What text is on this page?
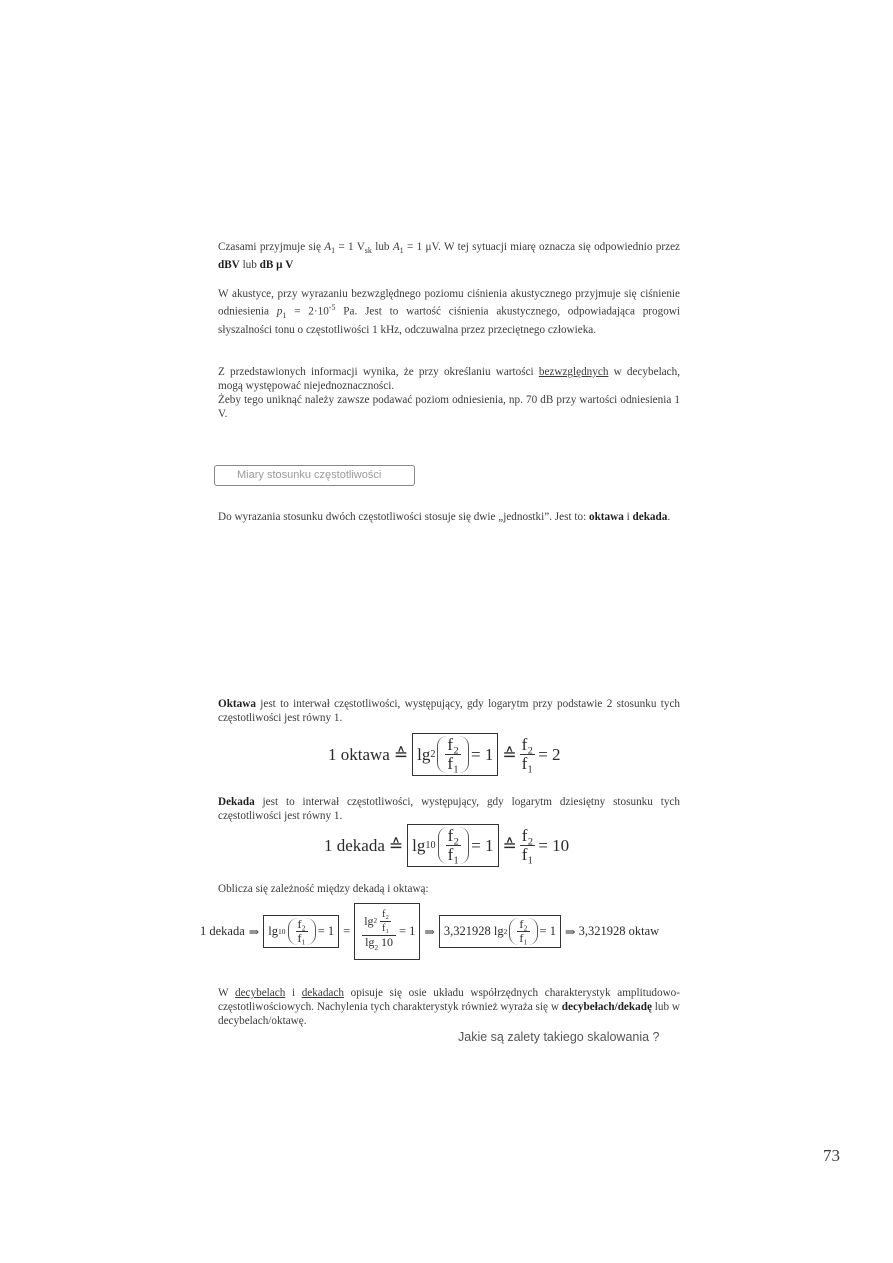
Czasami przyjmuje się $A_1 = 1$ $V_{sk}$ lub $A_1 = 1$ μV. W tej sytuacji miarę oznacza się odpowiednio przez dBV lub dB μ V

W akustyce, przy wyrazaniu bezwzględnego poziomu ciśnienia akustycznego przyjmuje się ciśnienie odniesienia $p_1 = 2\cdot 10^{-5}$ Pa. Jest to wartość ciśnienia akustycznego, odpowiadająca progowi słyszalności tonu o częstotliwości 1 kHz, odczuwalna przez przeciętnego człowieka.

Z przedstawionych informacji wynika, że przy określaniu wartości bezwzględnych w decybelach, mogą występować niejednoznaczności.
Żeby tego uniknąć należy zawsze podawać poziom odniesienia, np. 70 dB przy wartości odniesienia 1 V.

Miary stosunku częstotliwości

Do wyrazania stosunku dwóch częstotliwości stosuje się dwie „jednostki”. Jest to: oktawa i dekada.

Oktawa jest to interwał częstotliwości, występujący, gdy logarytm przy podstawie 2 stosunku tych częstotliwości jest równy 1.

1 oktawa ≙ $\lg 2 \frac{\text{f₂}}{\text{f₁}} = 1$ ≙ $\frac{\text{f₂}}{\text{f₁}} = 2$

Dekada jest to interwał częstotliwości, występujący, gdy logarytm dziesiętny stosunku tych częstotliwości jest równy 1.

1 dekada ≙ $\lg 10 \frac{\text{f₂}}{\text{f₁}} = 1$ ≙ $\frac{\text{f₂}}{\text{f₁}} = 10$

Oblicza się zależność między dekadą i oktawą:

1 dekada ⇒ $\lg 10 \frac{\text{f₂}}{\text{f₁}} = 1 = \frac{\lg 2 \frac{\text{f₂}}{\text{f₁}}}{\lg_2 10} = 1$ ⇒ 3,321928
$\lg 2 \frac{\text{f₂}}{\text{f₁}} = 1$ ⇒
3,321928 oktaw

W decybelach i dekadach opisuje się osie układu współrzędnych charakterystyk amplitudowo-częstotliwościowych. Nachylenia tych charakterystyk również wyraża się w decybełach/dekadę lub w decybelach/oktawę.

Jakie są zalety takiego skalowania ?
73
